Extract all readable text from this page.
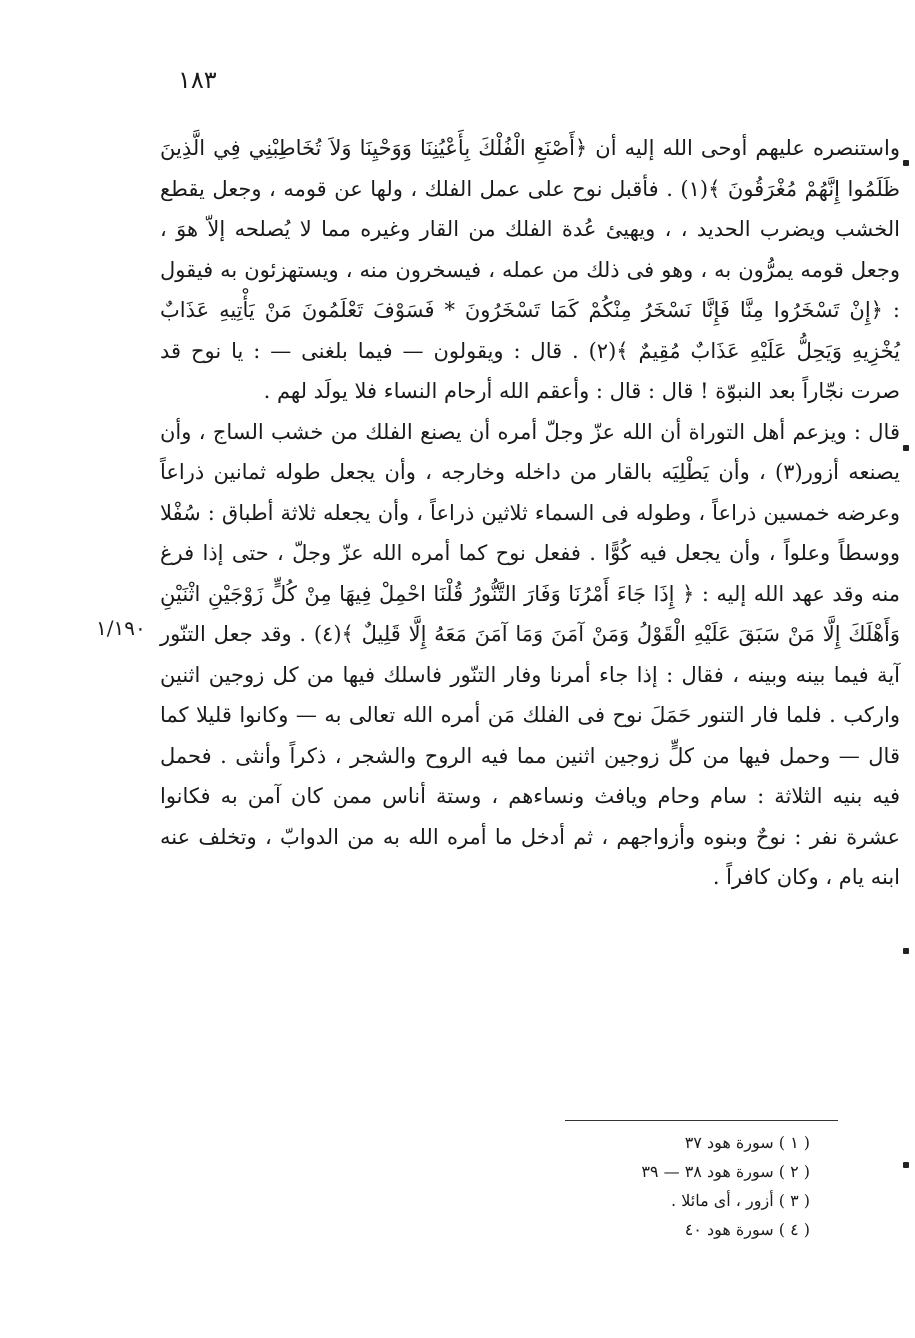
١٨٣

واستنصره عليهم أوحى الله إليه أن ﴿أَصْنَعِ الْفُلْكَ بِأَعْيُنِنَا وَوَحْيِنَا وَلاَ تُخَاطِبْنِي فِي الَّذِينَ ظَلَمُوا إِنَّهُمْ مُغْرَقُونَ ﴾(١) . فأقبل نوح على عمل الفلك ، ولها عن قومه ، وجعل يقطع الخشب ويضرب الحديد ، ، ويهيئ عُدة الفلك من القار وغيره مما لا يُصلحه إلاّ هوَ ، وجعل قومه يمرُّون به ، وهو فى ذلك من عمله ، فيسخرون منه ، ويستهزئون به فيقول : ﴿إِنْ تَسْخَرُوا مِنَّا فَإِنَّا نَسْخَرُ مِنْكُمْ كَمَا تَسْخَرُونَ * فَسَوْفَ تَعْلَمُونَ مَنْ يَأْتِيهِ عَذَابٌ يُخْزِيهِ وَيَحِلُّ عَلَيْهِ عَذَابٌ مُقِيمٌ ﴾(٢) . قال : ويقولون — فيما بلغنى — : يا نوح قد صرت نجّاراً بعد النبوّة ! قال : قال : وأعقم الله أرحام النساء فلا يولَد لهم .

قال : ويزعم أهل التوراة أن الله عزّ وجلّ أمره أن يصنع الفلك من خشب الساج ، وأن يصنعه أزور(٣) ، وأن يَطْلِيَه بالقار من داخله وخارجه ، وأن يجعل طوله ثمانين ذراعاً وعرضه خمسين ذراعاً ، وطوله فى السماء ثلاثين ذراعاً ، وأن يجعله ثلاثة أطباق : سُفْلا ووسطاً وعلواً ، وأن يجعل فيه كُوًّا . ففعل نوح كما أمره الله عزّ وجلّ ، حتى إذا فرغ منه وقد عهد الله إليه : ﴿ إِذَا جَاءَ أَمْرُنَا وَفَارَ التَّنُّورُ قُلْنَا احْمِلْ فِيهَا مِنْ كُلٍّ زَوْجَيْنِ اثْنَيْنِ وَأَهْلَكَ إِلَّا مَنْ سَبَقَ عَلَيْهِ الْقَوْلُ وَمَنْ آمَنَ وَمَا آمَنَ مَعَهُ إِلَّا قَلِيلٌ ﴾(٤) . وقد جعل التنّور آية فيما بينه وبينه ، فقال : إذا جاء أمرنا وفار التنّور فاسلك فيها من كل زوجين اثنين واركب . فلما فار التنور حَمَلَ نوح فى الفلك مَن أمره الله تعالى به — وكانوا قليلا كما قال — وحمل فيها من كلٍّ زوجين اثنين مما فيه الروح والشجر ، ذكراً وأنثى . فحمل فيه بنيه الثلاثة : سام وحام ويافث ونساءهم ، وستة أناس ممن كان آمن به فكانوا عشرة نفر : نوحٌ وبنوه وأزواجهم ، ثم أدخل ما أمره الله به من الدوابّ ، وتخلف عنه ابنه يام ، وكان كافراً .

١/١٩٠
( ١ ) سورة هود ٣٧
( ٢ ) سورة هود ٣٨ — ٣٩
( ٣ ) أزور ، أى مائلا .
( ٤ ) سورة هود ٤٠
